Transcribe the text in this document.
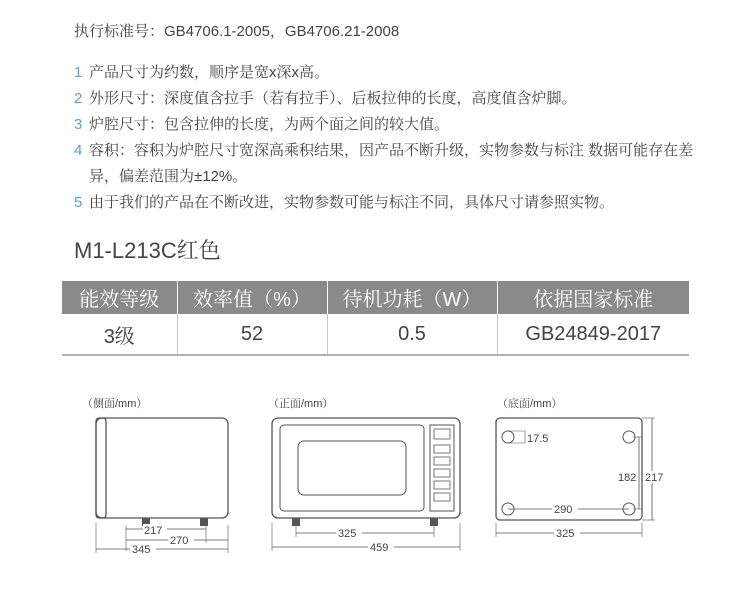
执行标准号：GB4706.1-2005，GB4706.21-2008
1 产品尺寸为约数，顺序是宽x深x高。
2 外形尺寸：深度值含拉手（若有拉手）、后板拉伸的长度，高度值含炉脚。
3 炉腔尺寸：包含拉伸的长度，为两个面之间的较大值。
4 容积：容积为炉腔尺寸宽深高乘积结果，因产品不断升级，实物参数与标注 数据可能存在差异，偏差范围为±12%。
5 由于我们的产品在不断改进，实物参数可能与标注不同，具体尺寸请参照实物。
M1-L213C红色
能效等级	效率值（%）	待机功耗（W）	依据国家标准
3级	52	0.5	GB24849-2017
（侧面/mm）
217
270
345
（正面/mm）
325
459
（底面/mm）
17.5
182 217
290
325
